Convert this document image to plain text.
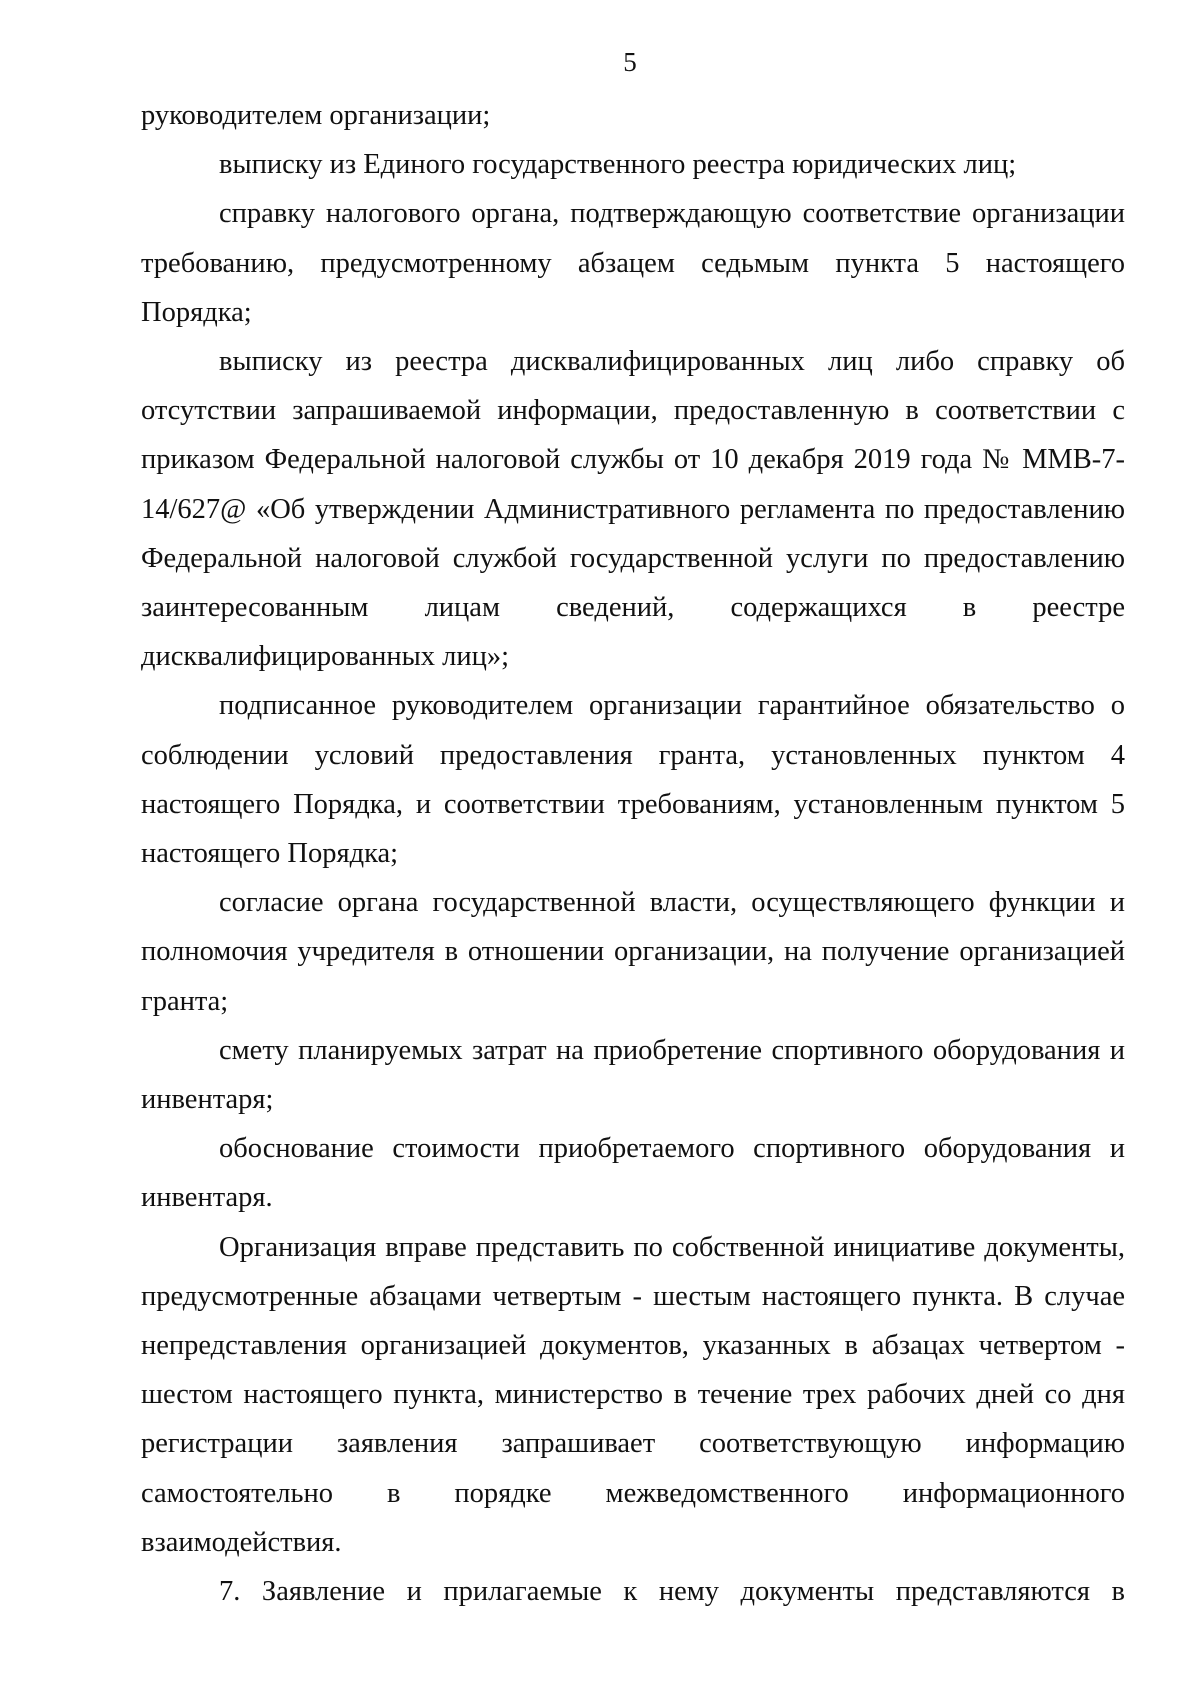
5

руководителем организации;

выписку из Единого государственного реестра юридических лиц;

справку налогового органа, подтверждающую соответствие организации требованию, предусмотренному абзацем седьмым пункта 5 настоящего Порядка;

выписку из реестра дисквалифицированных лиц либо справку об отсутствии запрашиваемой информации, предоставленную в соответствии с приказом Федеральной налоговой службы от 10 декабря 2019 года № ММВ-7-14/627@ «Об утверждении Административного регламента по предоставлению Федеральной налоговой службой государственной услуги по предоставлению заинтересованным лицам сведений, содержащихся в реестре дисквалифицированных лиц»;

подписанное руководителем организации гарантийное обязательство о соблюдении условий предоставления гранта, установленных пунктом 4 настоящего Порядка, и соответствии требованиям, установленным пунктом 5 настоящего Порядка;

согласие органа государственной власти, осуществляющего функции и полномочия учредителя в отношении организации, на получение организацией гранта;

смету планируемых затрат на приобретение спортивного оборудования и инвентаря;

обоснование стоимости приобретаемого спортивного оборудования и инвентаря.

Организация вправе представить по собственной инициативе документы, предусмотренные абзацами четвертым - шестым настоящего пункта. В случае непредставления организацией документов, указанных в абзацах четвертом - шестом настоящего пункта, министерство в течение трех рабочих дней со дня регистрации заявления запрашивает соответствующую информацию самостоятельно в порядке межведомственного информационного взаимодействия.

7. Заявление и прилагаемые к нему документы представляются в
